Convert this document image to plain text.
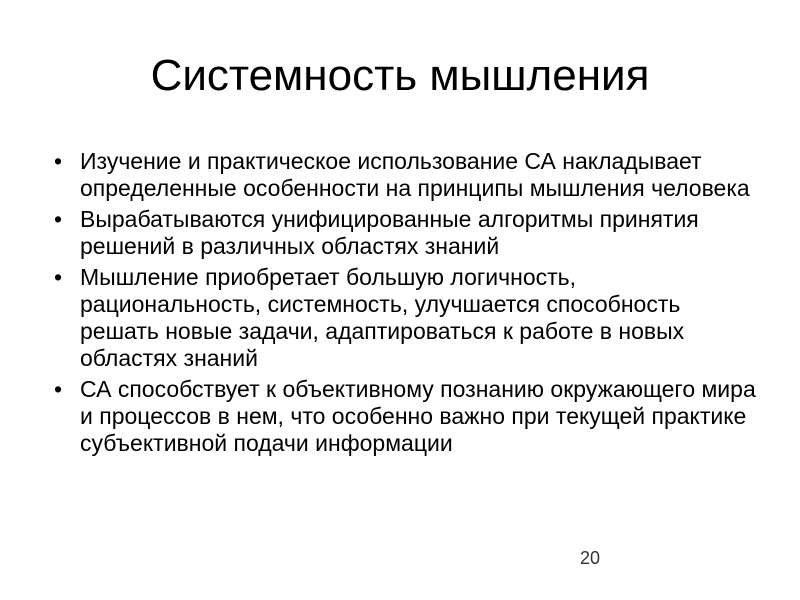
Системность мышления
• Изучение и практическое использование СА накладывает определенные особенности на принципы мышления человека
• Вырабатываются унифицированные алгоритмы принятия решений в различных областях знаний
• Мышление приобретает большую логичность, рациональность, системность, улучшается способность решать новые задачи, адаптироваться к работе в новых областях знаний
• СА способствует к объективному познанию окружающего мира и процессов в нем, что особенно важно при текущей практике субъективной подачи информации
20
